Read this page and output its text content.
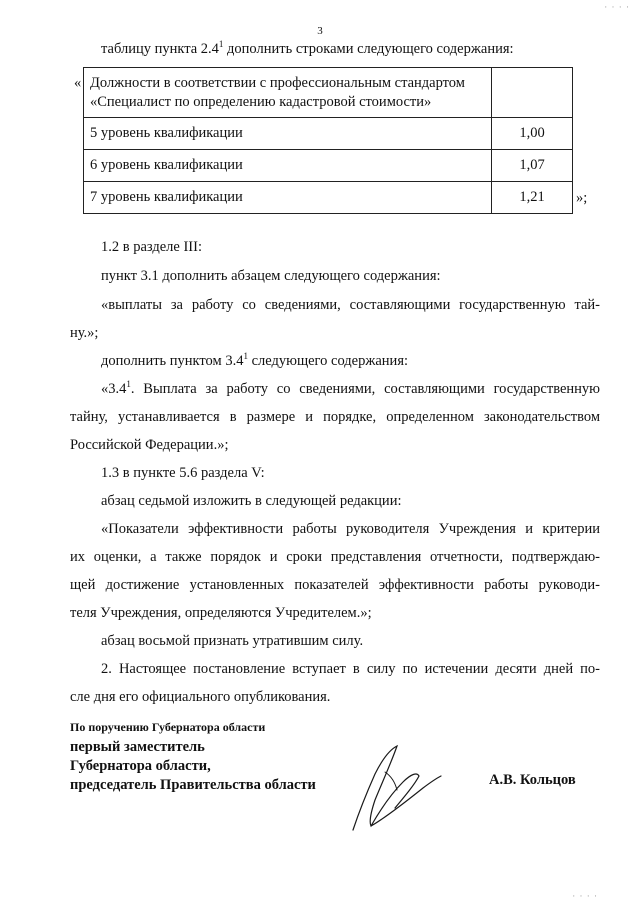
· · · ·
3
таблицу пункта $2.4^1$ дополнить строками следующего содержания:
« Должности в соответствии с профессиональным стандартом
«Специалист по определению кадастровой стоимости»	

5 уровень квалификации	1,00
6 уровень квалификации	1,07
7 уровень квалификации	1,21 »;
1.2 в разделе III:
пункт 3.1 дополнить абзацем следующего содержания:
«выплаты за работу со сведениями, составляющими государственную тай-
ну.»;
дополнить пунктом $3.4^1$ следующего содержания:
«$3.4^1$. Выплата за работу со сведениями, составляющими государственную
тайну, устанавливается в размере и порядке, определенном законодательством
Российской Федерации.»;
1.3 в пункте 5.6 раздела V:
абзац седьмой изложить в следующей редакции:
«Показатели эффективности работы руководителя Учреждения и критерии
их оценки, а также порядок и сроки представления отчетности, подтверждаю-
щей достижение установленных показателей эффективности работы руководи-
теля Учреждения, определяются Учредителем.»;
абзац восьмой признать утратившим силу.
2. Настоящее постановление вступает в силу по истечении десяти дней по-
сле дня его официального опубликования.
По поручению Губернатора области
первый заместитель
Губернатора области,
председатель Правительства области	А.В. Кольцов
· · · ·
